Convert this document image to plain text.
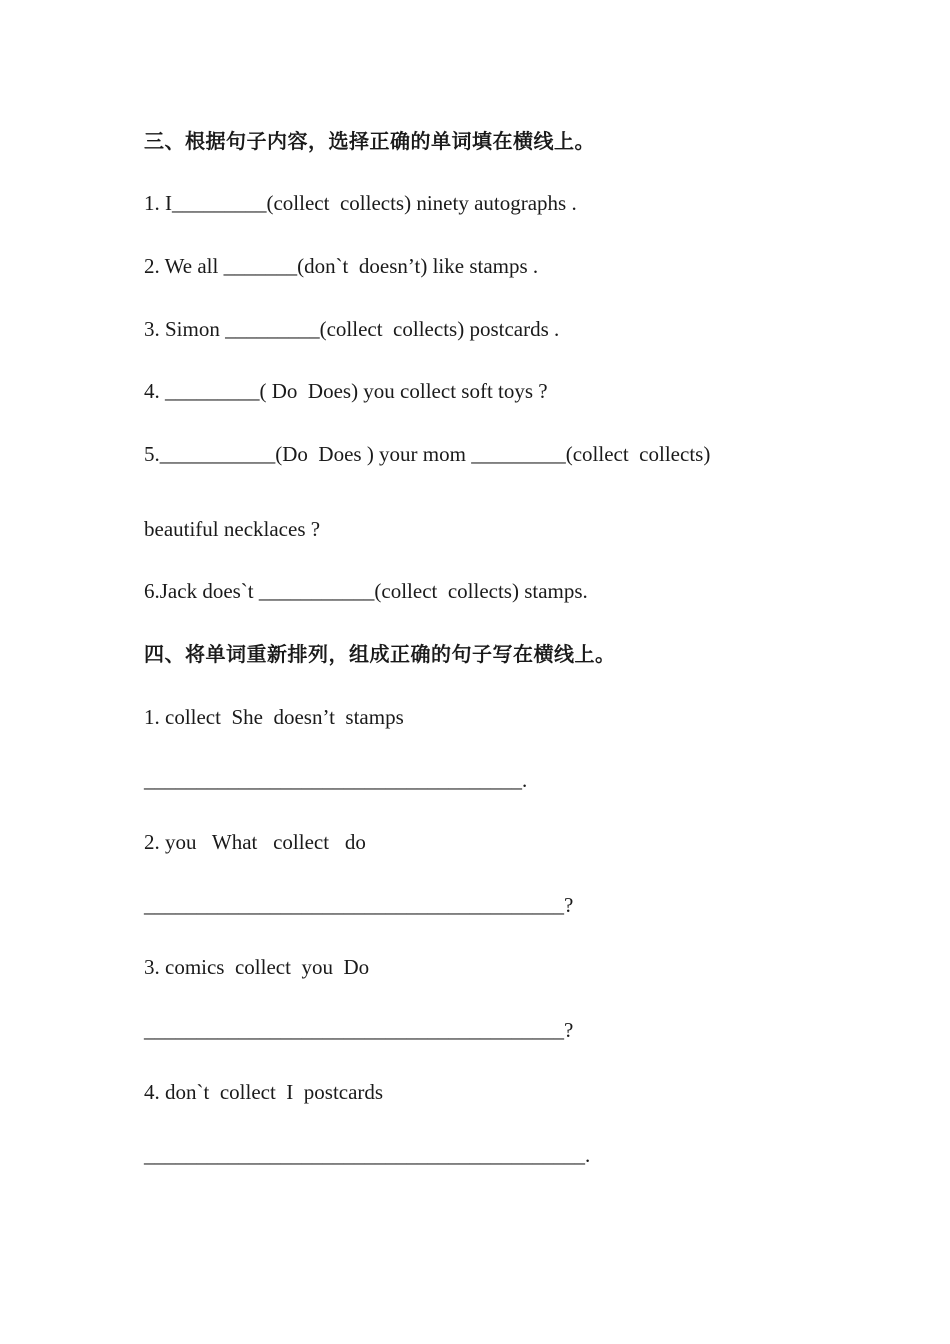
三、根据句子内容，选择正确的单词填在横线上。
1. I_________(collect  collects) ninety autographs .
2. We all _______(don`t  doesn’t) like stamps .
3. Simon _________(collect  collects) postcards .
4. _________( Do  Does) you collect soft toys ?
5.___________(Do  Does ) your mom _________(collect  collects)
beautiful necklaces ?
6.Jack does`t ___________(collect  collects) stamps.
四、将单词重新排列，组成正确的句子写在横线上。
1. collect  She  doesn’t  stamps
____________________________________.
2. you   What   collect   do
________________________________________?
3. comics  collect  you  Do
________________________________________?
4. don`t  collect  I  postcards
__________________________________________.
